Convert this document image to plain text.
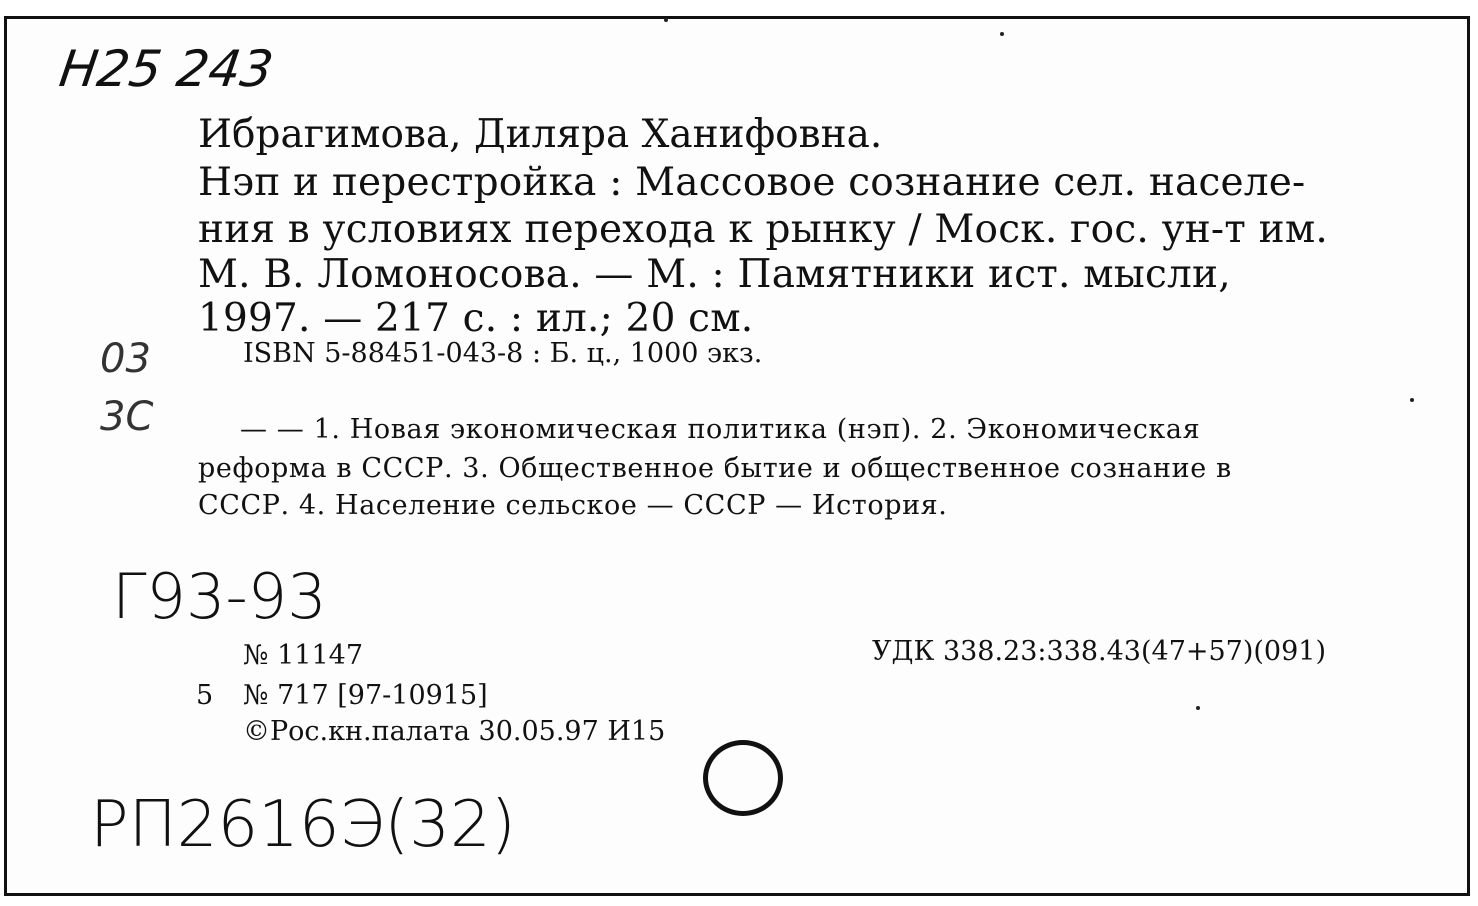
Н25 243
03 3С
Г93-93
РП2616Э(32)
Ибрагимова, Диляра Ханифовна.
Нэп и перестройка : Массовое сознание сел. населе-
ния в условиях перехода к рынку / Моск. гос. ун-т им.
М. В. Ломоносова. — М. : Памятники ист. мысли,
1997. — 217 с. : ил.; 20 см.
ISBN 5-88451-043-8 : Б. ц., 1000 экз.
— — 1. Новая экономическая политика (нэп). 2. Экономическая
реформа в СССР. 3. Общественное бытие и общественное сознание в
СССР. 4. Население сельское — СССР — История.
№ 11147	УДК 338.23:338.43(47+57)(091)
5 № 717 [97-10915]
©Рос.кн.палата 30.05.97 И15
